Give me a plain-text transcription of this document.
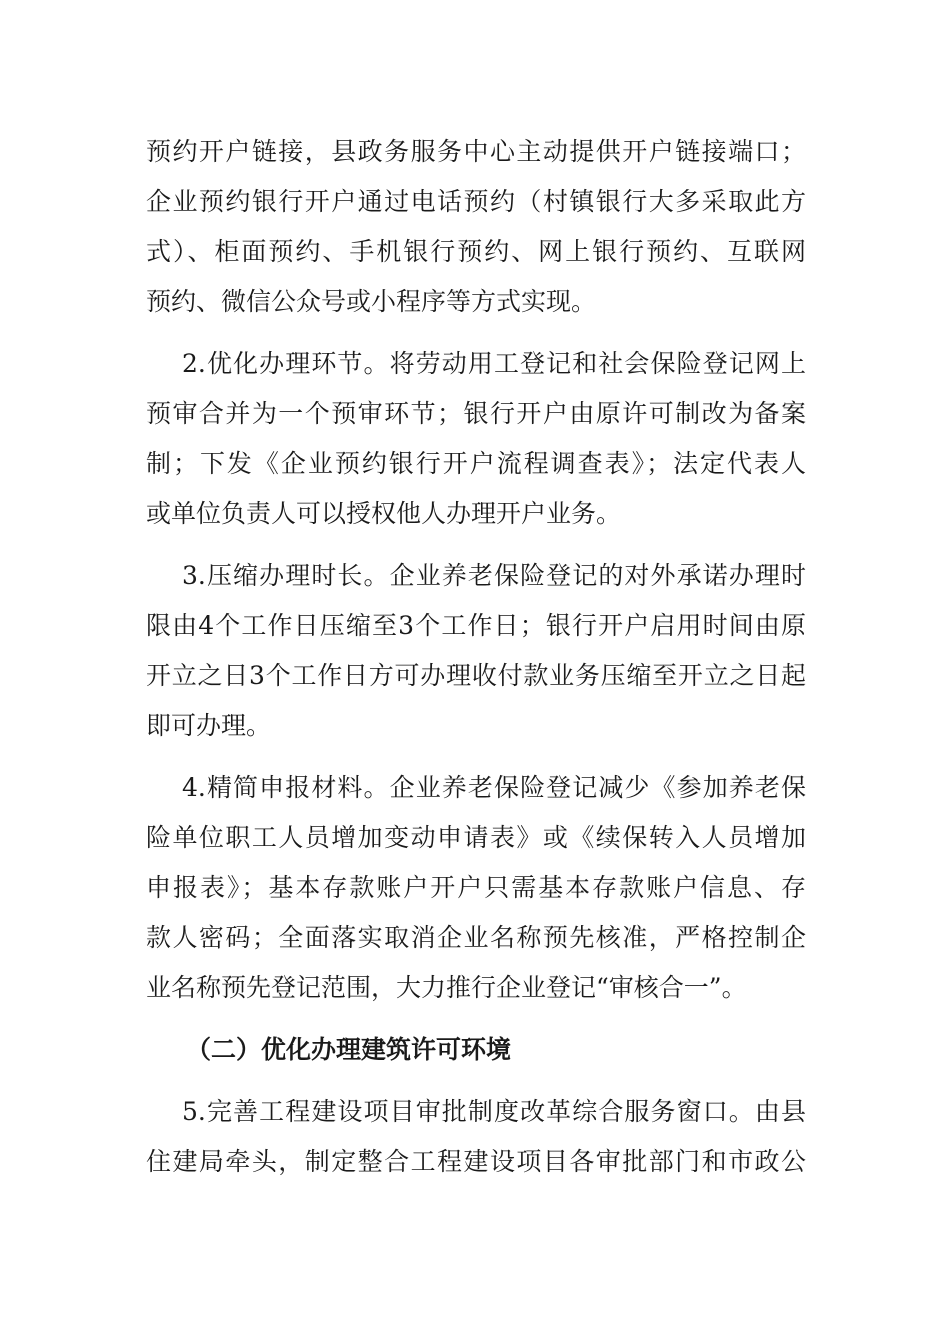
预约开户链接，县政务服务中心主动提供开户链接端口；
企业预约银行开户通过电话预约（村镇银行大多采取此方
式）、柜面预约、手机银行预约、网上银行预约、互联网
预约、微信公众号或小程序等方式实现。
2.优化办理环节。将劳动用工登记和社会保险登记网上
预审合并为一个预审环节；银行开户由原许可制改为备案
制；下发《企业预约银行开户流程调查表》；法定代表人
或单位负责人可以授权他人办理开户业务。
3.压缩办理时长。企业养老保险登记的对外承诺办理时
限由4个工作日压缩至3个工作日；银行开户启用时间由原
开立之日3个工作日方可办理收付款业务压缩至开立之日起
即可办理。
4.精简申报材料。企业养老保险登记减少《参加养老保
险单位职工人员增加变动申请表》或《续保转入人员增加
申报表》；基本存款账户开户只需基本存款账户信息、存
款人密码；全面落实取消企业名称预先核准，严格控制企
业名称预先登记范围，大力推行企业登记“审核合一”。
（二）优化办理建筑许可环境
5.完善工程建设项目审批制度改革综合服务窗口。由县
住建局牵头，制定整合工程建设项目各审批部门和市政公
